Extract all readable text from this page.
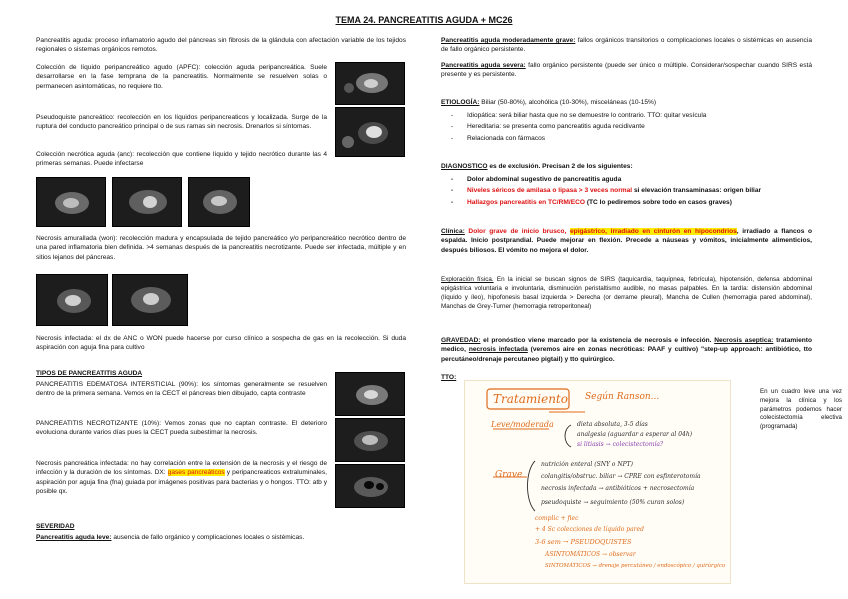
TEMA 24. PANCREATITIS AGUDA + MC26
Pancreatitis aguda: proceso inflamatorio agudo del páncreas sin fibrosis de la glándula con afectación variable de los tejidos regionales o sistemas orgánicos remotos.
Colección de líquido peripancreático agudo (APFC): colección aguda peripancreática. Suele desarrollarse en la fase temprana de la pancreatitis. Normalmente se resuelven solas o permanecen asintomáticas, no requiere tto.
Pseudoquiste pancreático: recolección en los líquidos peripancreaticos y localizada. Surge de la ruptura del conducto pancreático principal o de sus ramas sin necrosis. Drenarlos si síntomas.
Colección necrótica aguda (anc): recolección que contiene líquido y tejido necrótico durante las 4 primeras semanas. Puede infectarse
Necrosis amurallada (won): recolección madura y encapsulada de tejido pancreático y/o peripancreático necrótico dentro de una pared inflamatoria bien definida. >4 semanas después de la pancreatitis necrotizante. Puede ser infectada, múltiple y en sitios lejanos del páncreas.
Necrosis infectada: el dx de ANC o WON puede hacerse por curso clínico a sospecha de gas en la recolección. Si duda aspiración con aguja fina para cultivo
TIPOS DE PANCREATITIS AGUDA
PANCREATITIS EDEMATOSA INTERSTICIAL (90%): los síntomas generalmente se resuelven dentro de la primera semana. Vemos en la CECT el páncreas bien dibujado, capta contraste
PANCREATITIS NECROTIZANTE (10%): Vemos zonas que no captan contraste. El deterioro evoluciona durante varios días pues la CECT pueda subestimar la necrosis.
Necrosis pancreática infectada: no hay correlación entre la extensión de la necrosis y el riesgo de infección y la duración de los síntomas. DX: gases pancreáticos y peripancreaticos extraluminales, aspiración por aguja fina (fna) guiada por imágenes positivas para bacterias y o hongos. TTO: atb y posible qx.
SEVERIDAD
Pancreatitis aguda leve: ausencia de fallo orgánico y complicaciones locales o sistémicas.
Pancreatitis aguda moderadamente grave: fallos orgánicos transitorios o complicaciones locales o sistémicas en ausencia de fallo orgánico persistente.
Pancreatitis aguda severa: fallo orgánico persistente (puede ser único o múltiple. Considerar/sospechar cuando SIRS está presente y es persistente.
ETIOLOGÍA: Biliar (50-80%), alcohólica (10-30%), misceláneas (10-15%)
- Idiopática: será biliar hasta que no se demuestre lo contrario. TTO: quitar vesícula
- Hereditaria: se presenta como pancreatitis aguda recidivante
- Relacionada con fármacos
DIAGNOSTICO es de exclusión. Precisan 2 de los siguientes:
- Dolor abdominal sugestivo de pancreatitis aguda
- Niveles séricos de amilasa o lipasa > 3 veces normal si elevación transaminasas: origen biliar
- Hallazgos pancreatitis en TC/RM/ECO (TC lo pediremos sobre todo en casos graves)
Clínica: Dolor grave de inicio brusco, epigástrico, irradiado en cinturón en hipocondrios, irradiado a flancos o espalda. Inicio postprandial. Puede mejorar en flexión. Precede a náuseas y vómitos, inicialmente alimenticios, después biliosos. El vómito no mejora el dolor.
Exploración física. En la inicial se buscan signos de SIRS (taquicardia, taquipnea, febrícula), hipotensión, defensa abdominal epigástrica voluntaria e involuntaria, disminución peristaltismo audible, no masas palpables. En la tardía: distensión abdominal (líquido y íleo), hipofonesis basal izquierda > Derecha (or derrame pleural), Mancha de Cullen (hemorragia pared abdominal), Manchas de Grey-Turner (hemorragia retroperitoneal)
GRAVEDAD: el pronóstico viene marcado por la existencia de necrosis e infección. Necrosis aseptica: tratamiento medico, necrosis infectada (veremos aire en zonas necróticas: PAAF y cultivo) "step-up approach: antibiótico, tto percutáneo/drenaje percutaneo pigtail) y tto quirúrgico.
TTO:
Tratamiento Según Ranson...
Leve/moderada	dieta absoluta, 3-5 días
analgesia (aguardar a esperar al 04h)
si litiasis → colecistectomía?
Grave
nutrición enteral (SNY o NPT)
colangitis/obstruc. biliar → CPRE con esfinterotomía
necrosis infectada → antibióticos + necrosectomía
pseudoquiste → seguimiento (50% curan solos)
complic + fiec
+ 4 Sc colecciones de líquido pared
3-6 sem → PSEUDOQUISTES
ASINTOMÁTICOS → observar
SINTOMÁTICOS → drenaje percutáneo / endoscópico / quirúrgico
En un cuadro leve una vez mejora la clínica y los parámetros podemos hacer colecistectomía electiva (programada)
